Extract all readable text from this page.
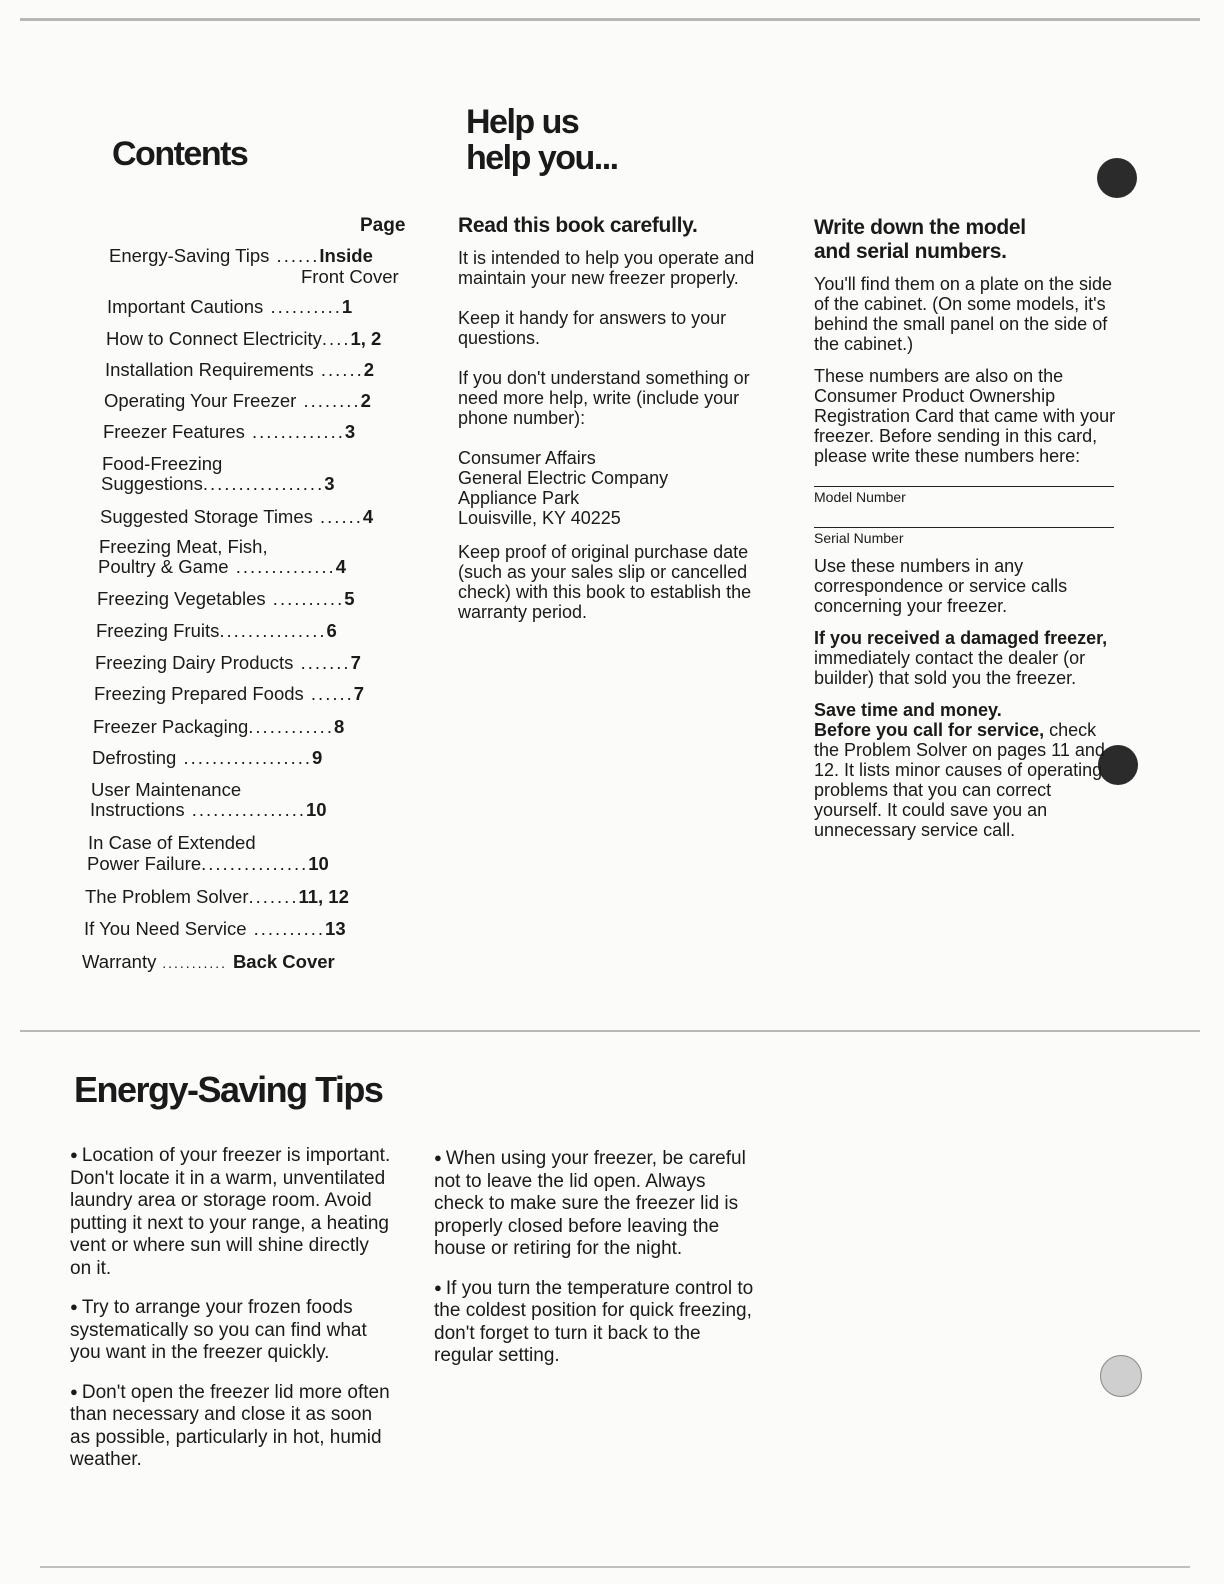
Contents
Page
Energy-Saving Tips ......Inside
Front Cover
Important Cautions ..........1
How to Connect Electricity....1, 2
Installation Requirements ......2
Operating Your Freezer ........2
Freezer Features .............3
Food-Freezing
Suggestions.................3
Suggested Storage Times ......4
Freezing Meat, Fish,
Poultry & Game ..............4
Freezing Vegetables ..........5
Freezing Fruits...............6
Freezing Dairy Products .......7
Freezing Prepared Foods ......7
Freezer Packaging............8
Defrosting ..................9
User Maintenance
Instructions ................10
In Case of Extended
Power Failure...............10
The Problem Solver.......11, 12
If You Need Service ..........13
Warranty ........... Back Cover
Help us
help you...
Read this book carefully.

It is intended to help you operate and maintain your new freezer properly.

Keep it handy for answers to your questions.

If you don't understand something or need more help, write (include your phone number):

Consumer Affairs
General Electric Company
Appliance Park
Louisville, KY 40225

Keep proof of original purchase date (such as your sales slip or cancelled check) with this book to establish the warranty period.

Write down the model
and serial numbers.

You'll find them on a plate on the side of the cabinet. (On some models, it's behind the small panel on the side of the cabinet.)

These numbers are also on the Consumer Product Ownership Registration Card that came with your freezer. Before sending in this card, please write these numbers here:

Model Number
Serial Number

Use these numbers in any correspondence or service calls concerning your freezer.

If you received a damaged freezer, immediately contact the dealer (or builder) that sold you the freezer.

Save time and money.
Before you call for service, check the Problem Solver on pages 11 and 12. It lists minor causes of operating problems that you can correct yourself. It could save you an unnecessary service call.

Energy-Saving Tips

● Location of your freezer is important. Don't locate it in a warm, unventilated laundry area or storage room. Avoid putting it next to your range, a heating vent or where sun will shine directly on it.

● Try to arrange your frozen foods systematically so you can find what you want in the freezer quickly.

● Don't open the freezer lid more often than necessary and close it as soon as possible, particularly in hot, humid weather.

● When using your freezer, be careful not to leave the lid open. Always check to make sure the freezer lid is properly closed before leaving the house or retiring for the night.

● If you turn the temperature control to the coldest position for quick freezing, don't forget to turn it back to the regular setting.
